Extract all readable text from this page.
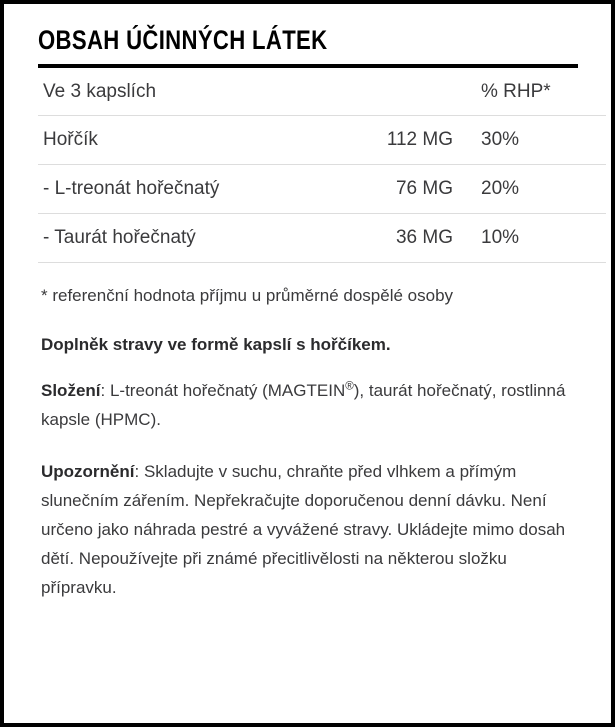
OBSAH ÚČINNÝCH LÁTEK
Ve 3 kapslích		% RHP*
Hořčík	112 MG	30%
- L-treonát hořečnatý	76 MG	20%
- Taurát hořečnatý	36 MG	10%

* referenční hodnota příjmu u průměrné dospělé osoby

Doplněk stravy ve formě kapslí s hořčíkem.

Složení: L-treonát hořečnatý (MAGTEIN®), taurát hořečnatý, rostlinná kapsle (HPMC).

Upozornění: Skladujte v suchu, chraňte před vlhkem a přímým slunečním zářením. Nepřekračujte doporučenou denní dávku. Není určeno jako náhrada pestré a vyvážené stravy. Ukládejte mimo dosah dětí. Nepoužívejte při známé přecitlivělosti na některou složku přípravku.
